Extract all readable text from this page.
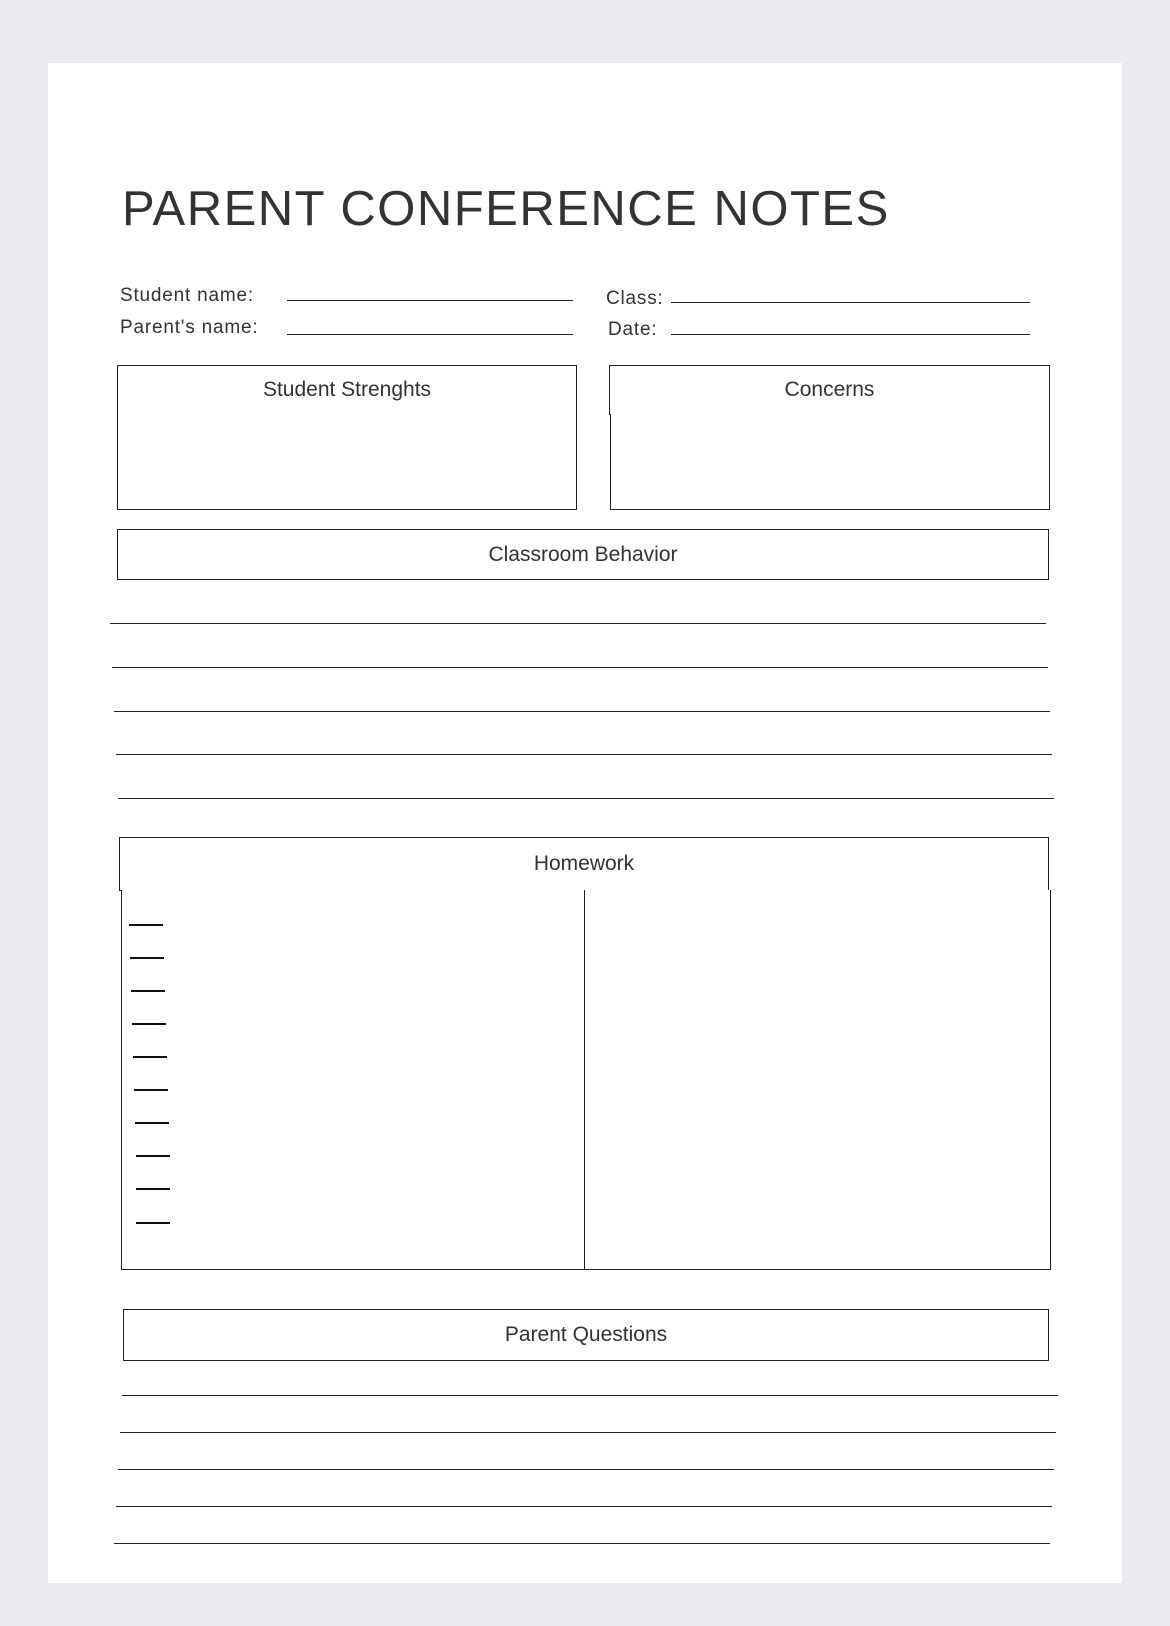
PARENT CONFERENCE NOTES
Student name:
Parent's name:
Class:
Date:
Student Strenghts	Concerns
Classroom Behavior
Homework
Parent Questions
